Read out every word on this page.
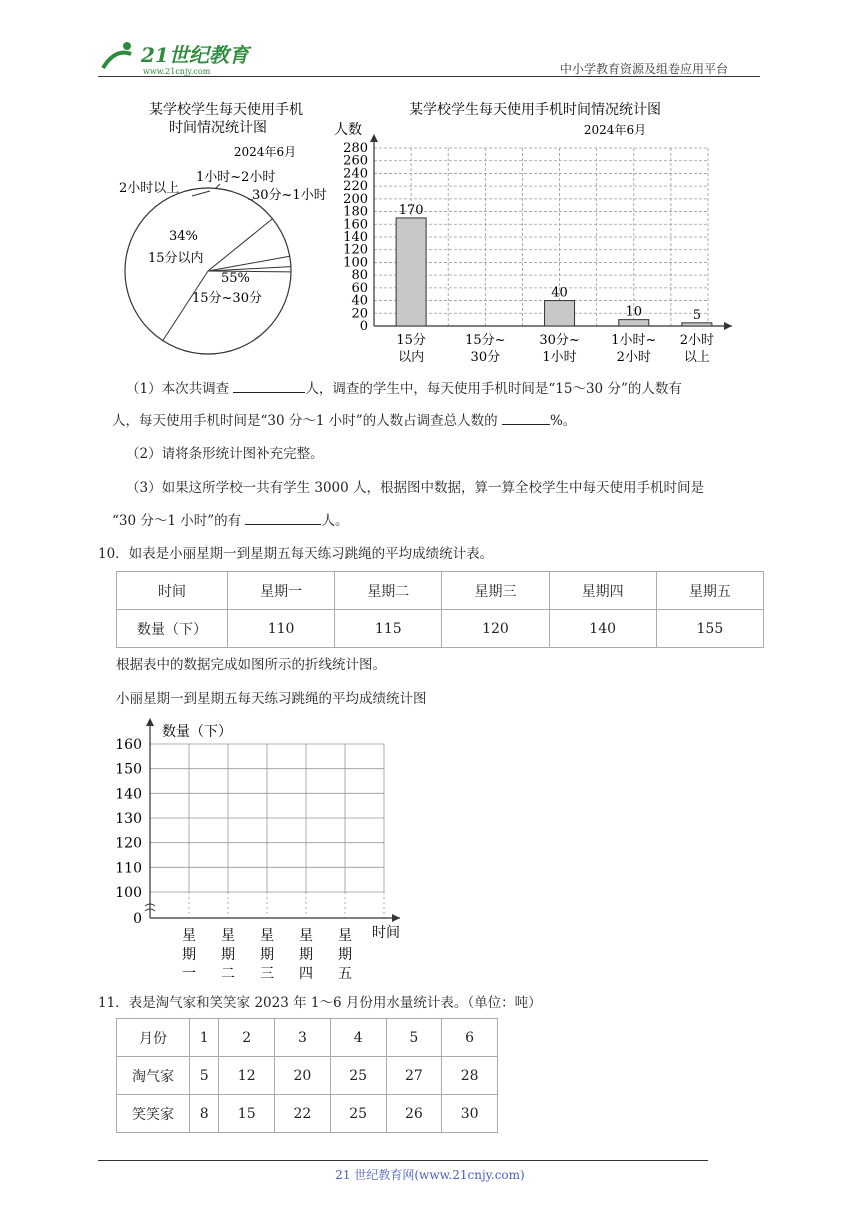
21世纪教育
www.21cnjy.com	中小学教育资源及组卷应用平台
某学校学生每天使用手机
时间情况统计图
2024年6月
2小时以上
1小时~2小时
30分~1小时
34%
15分以内
55%
15分~30分
某学校学生每天使用手机时间情况统计图
2024年6月
人数
0
20
40
60
80
100
120
140
160
180
200
220
240
260
280
170
15分
以内
15分~
30分
40
30分~
1小时
10
1小时~
2小时
5
2小时
以上
（1）本次共调查	人，调查的学生中，每天使用手机时间是“15～30 分”的人数有
人，每天使用手机时间是“30 分～1 小时”的人数占调查总人数的	%。
（2）请将条形统计图补充完整。
（3）如果这所学校一共有学生 3000 人，根据图中数据，算一算全校学生中每天使用手机时间是
“30 分～1 小时”的有	人。
10．如表是小丽星期一到星期五每天练习跳绳的平均成绩统计表。
时间	星期一	星期二	星期三	星期四	星期五
数量（下）	110	115	120	140	155
根据表中的数据完成如图所示的折线统计图。
小丽星期一到星期五每天练习跳绳的平均成绩统计图
数量（下）
时间
0
100
110
120
130
140
150
160
星
期
一
星
期
二
星
期
三
星
期
四
星
期
五
11．表是淘气家和笑笑家 2023 年 1～6 月份用水量统计表。（单位：吨）
月份	1	2	3	4	5	6
淘气家	5	12	20	25	27	28
笑笑家	8	15	22	25	26	30
21 世纪教育网(www.21cnjy.com)
